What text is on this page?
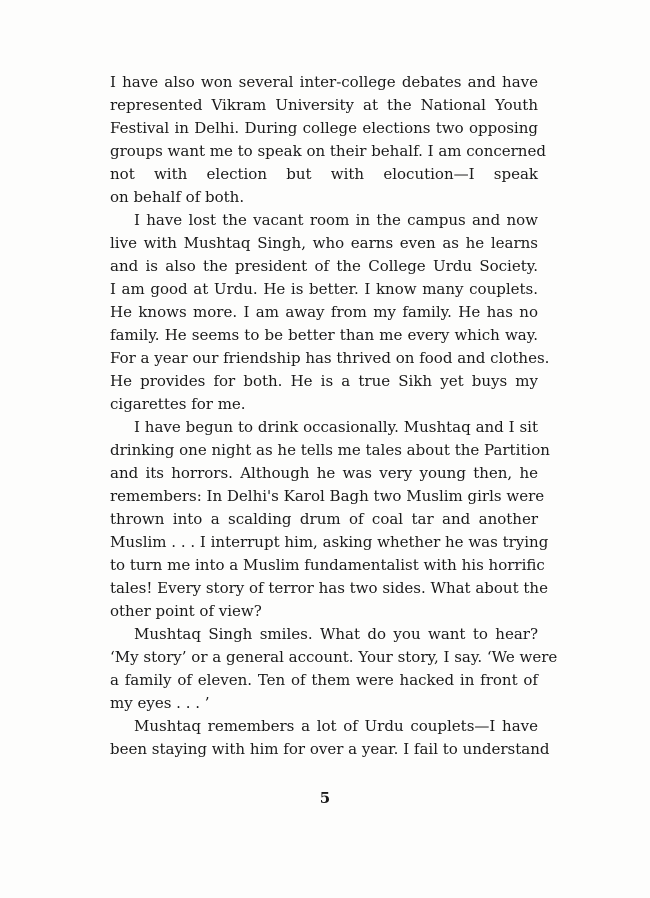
I have also won several inter-college debates and have
represented Vikram University at the National Youth
Festival in Delhi. During college elections two opposing
groups want me to speak on their behalf. I am concerned
not with election but with elocution—I speak
on behalf of both.

I have lost the vacant room in the campus and now
live with Mushtaq Singh, who earns even as he learns
and is also the president of the College Urdu Society.
I am good at Urdu. He is better. I know many couplets.
He knows more. I am away from my family. He has no
family. He seems to be better than me every which way.
For a year our friendship has thrived on food and clothes.
He provides for both. He is a true Sikh yet buys my
cigarettes for me.

I have begun to drink occasionally. Mushtaq and I sit
drinking one night as he tells me tales about the Partition
and its horrors. Although he was very young then, he
remembers: In Delhi's Karol Bagh two Muslim girls were
thrown into a scalding drum of coal tar and another
Muslim . . . I interrupt him, asking whether he was trying
to turn me into a Muslim fundamentalist with his horrific
tales! Every story of terror has two sides. What about the
other point of view?

Mushtaq Singh smiles. What do you want to hear?
‘My story’ or a general account. Your story, I say. ‘We were
a family of eleven. Ten of them were hacked in front of
my eyes . . . ’

Mushtaq remembers a lot of Urdu couplets—I have
been staying with him for over a year. I fail to understand

5
